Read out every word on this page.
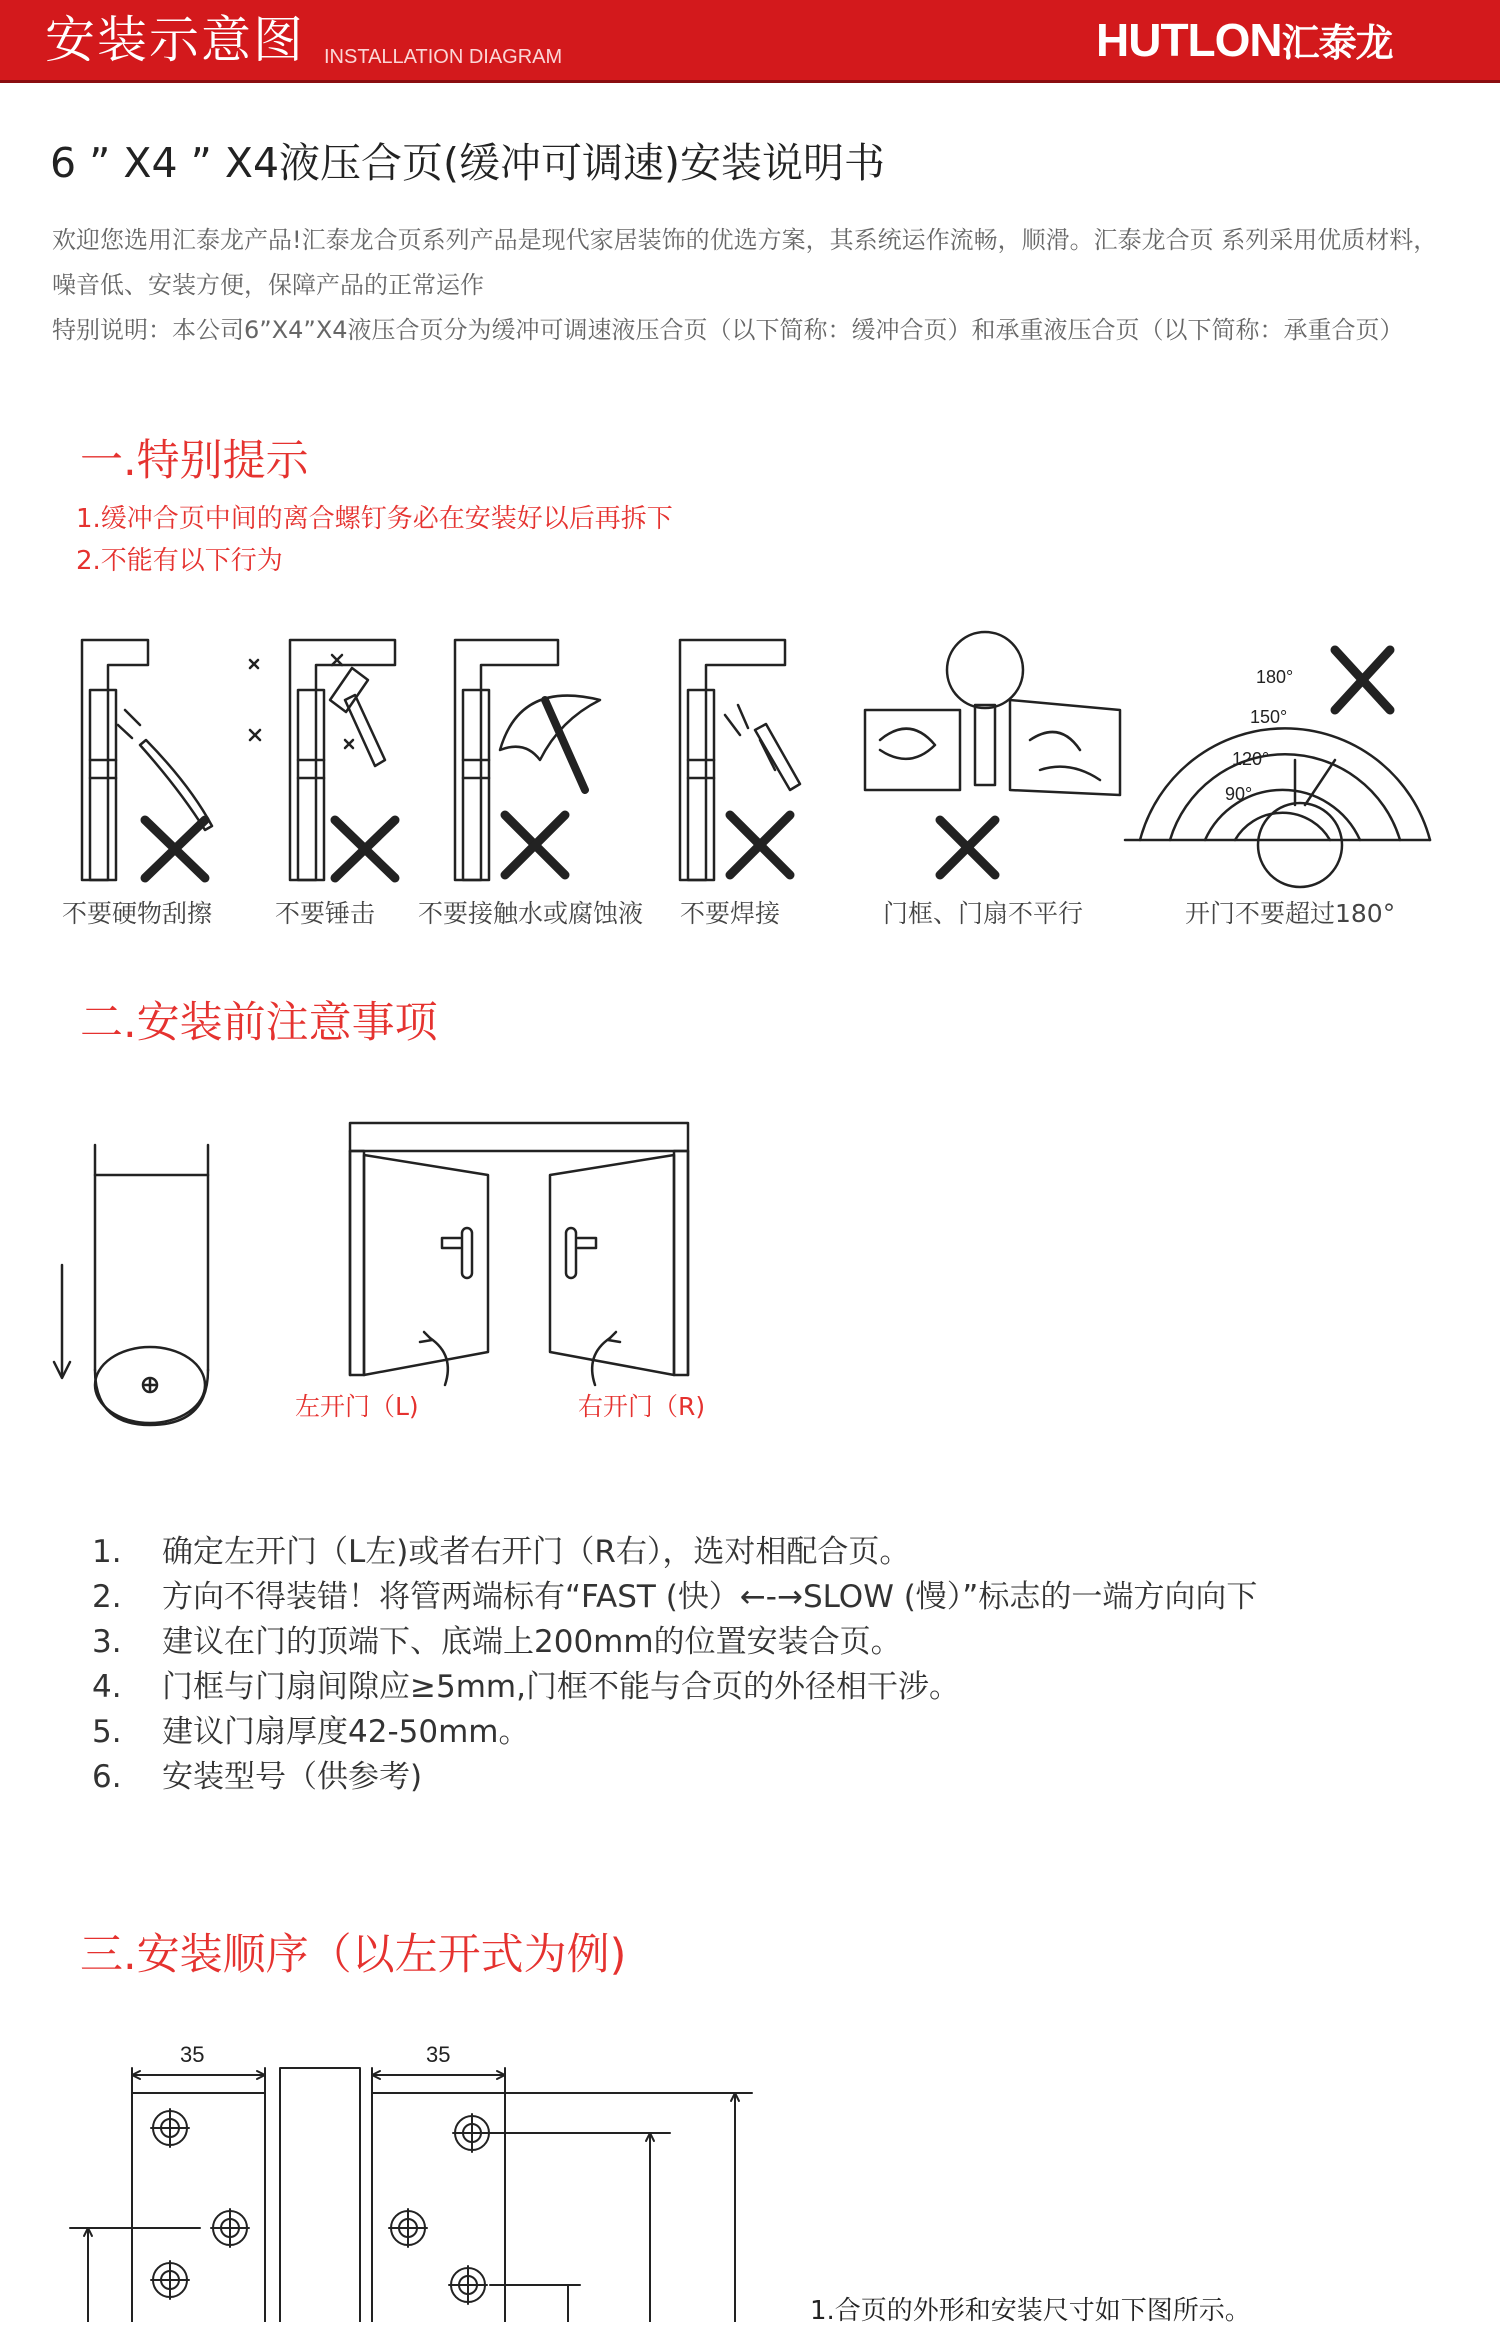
安装示意图 INSTALLATION DIAGRAM	HUTLON汇泰龙
6 ” X4 ” X4液压合页(缓冲可调速)安装说明书

欢迎您选用汇泰龙产品!汇泰龙合页系列产品是现代家居装饰的优选方案，其系统运作流畅，顺滑。汇泰龙合页 系列采用优质材料，噪音低、安装方便，保障产品的正常运作

特别说明：本公司6”X4”X4液压合页分为缓冲可调速液压合页（以下简称：缓冲合页）和承重液压合页（以下简称：承重合页）

一.特别提示
1.缓冲合页中间的离合螺钉务必在安装好以后再拆下
2.不能有以下行为
180°
150°
120°
90°
不要硬物刮擦	不要锤击 不要接触水或腐蚀液 不要焊接	门框、门扇不平行	开门不要超过180°
二.安装前注意事项
左开门（L)	右开门（R)
1.	确定左开门（L左)或者右开门（R右），选对相配合页。
2.	方向不得装错！将管两端标有“FAST (快）←-→SLOW (慢）”标志的一端方向向下
3.	建议在门的顶端下、底端上200mm的位置安装合页。
4.	门框与门扇间隙应≥5mm,门框不能与合页的外径相干涉。
5.	建议门扇厚度42-50mm。
6.	安装型号（供参考)
三.安装顺序（以左开式为例)
35	35
1.合页的外形和安装尺寸如下图所示。
